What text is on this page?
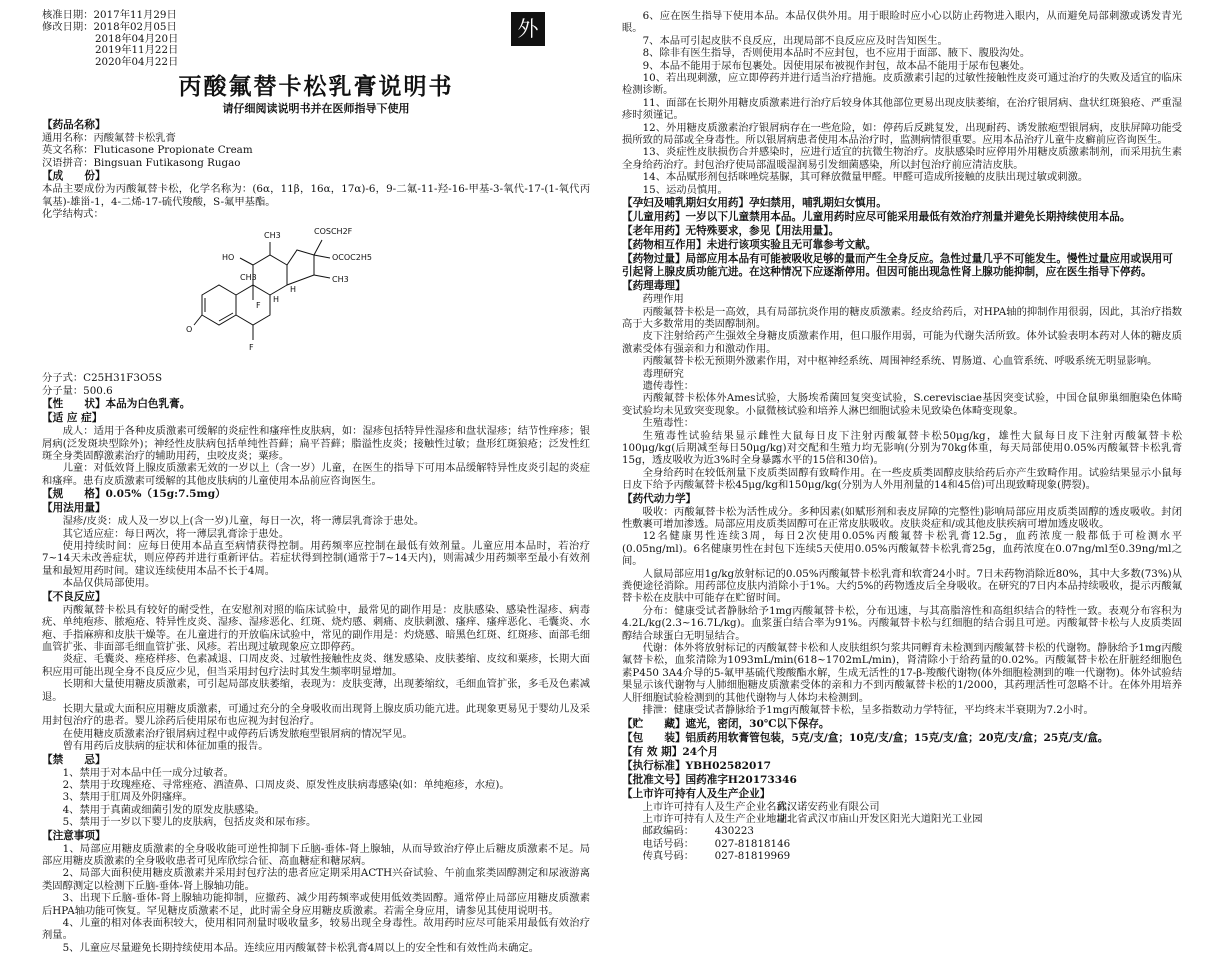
外
核准日期：2017年11月29日
修改日期：2018年02月05日
2018年04月20日
2019年11月22日
2020年04月22日
丙酸氟替卡松乳膏说明书
请仔细阅读说明书并在医师指导下使用
【药品名称】
通用名称：丙酸氟替卡松乳膏
英文名称：Fluticasone Propionate Cream
汉语拼音：Bingsuan Futikasong Rugao
【成　　份】
本品主要成份为丙酸氟替卡松，化学名称为：(6α，11β，16α，17α)-6，9-二氟-11-羟-16-甲基-3-氧代-17-(1-氧代丙氧基)-雄甾-1，4-二烯-17-硫代羧酸，S-氟甲基酯。
化学结构式：
COSCH2F
OCOC2H5
HO
CH3
CH3
O
F
F
H
H
CH3
分子式：C25H31F3O5S
分子量：500.6
【性　　状】本品为白色乳膏。
【适 应 症】
成人：适用于各种皮质激素可缓解的炎症性和瘙痒性皮肤病，如：湿疹包括特异性湿疹和盘状湿疹；结节性痒疹；银屑病(泛发斑块型除外)；神经性皮肤病包括单纯性苔藓；扁平苔藓；脂溢性皮炎；接触性过敏；盘形红斑狼疮；泛发性红斑全身类固醇激素治疗的辅助用药，虫咬皮炎；粟疹。
儿童：对低效肾上腺皮质激素无效的一岁以上（含一岁）儿童，在医生的指导下可用本品缓解特异性皮炎引起的炎症和瘙痒。患有皮质激素可缓解的其他皮肤病的儿童使用本品前应咨询医生。
【规　　格】0.05%（15g:7.5mg）
【用法用量】
湿疹/皮炎：成人及一岁以上(含一岁)儿童，每日一次，将一薄层乳膏涂于患处。
其它适应症：每日两次，将一薄层乳膏涂于患处。
使用持续时间：应每日使用本品直至病情获得控制。用药频率应控制在最低有效剂量。儿童应用本品时，若治疗7~14天未改善症状，则应停药并进行重新评估。若症状得到控制(通常于7~14天内)，则需减少用药频率至最小有效剂量和最短用药时间。建议连续使用本品不长于4周。
本品仅供局部使用。
【不良反应】
丙酸氟替卡松具有较好的耐受性，在安慰剂对照的临床试验中，最常见的副作用是：皮肤感染、感染性湿疹、病毒疣、单纯疱疹、脓疱疮、特异性皮炎、湿疹、湿疹恶化、红斑、烧灼感、刺痛、皮肤刺激、瘙痒、瘙痒恶化、毛囊炎、水疱、手指麻痹和皮肤干燥等。在儿童进行的开放临床试验中，常见的副作用是：灼烧感、暗黑色红斑、红斑疹、面部毛细血管扩张、非面部毛细血管扩张、风疹。若出现过敏现象应立即停药。
炎症、毛囊炎、痤疮样疹、色素减退、口周皮炎、过敏性接触性皮炎、继发感染、皮肤萎缩、皮纹和粟疹，长期大面积应用可能出现全身不良反应少见，但当采用封包疗法时其发生频率明显增加。
长期和大量使用糖皮质激素，可引起局部皮肤萎缩，表现为：皮肤变薄，出现萎缩纹，毛细血管扩张，多毛及色素减退。
长期大量或大面积应用糖皮质激素，可通过充分的全身吸收而出现肾上腺皮质功能亢进。此现象更易见于婴幼儿及采用封包治疗的患者。婴儿涂药后使用尿布也应视为封包治疗。
在使用糖皮质激素治疗银屑病过程中或停药后诱发脓疱型银屑病的情况罕见。
曾有用药后皮肤病的症状和体征加重的报告。
【禁　　忌】
1、禁用于对本品中任一成分过敏者。
2、禁用于玫瑰痤疮、寻常痤疮、酒渣鼻、口周皮炎、原发性皮肤病毒感染(如：单纯疱疹，水痘)。
3、禁用于肛周及外阴瘙痒。
4、禁用于真菌或细菌引发的原发皮肤感染。
5、禁用于一岁以下婴儿的皮肤病，包括皮炎和尿布疹。
【注意事项】
1、局部应用糖皮质激素的全身吸收能可逆性抑制下丘脑-垂体-肾上腺轴，从而导致治疗停止后糖皮质激素不足。局部应用糖皮质激素的全身吸收患者可见库欣综合征、高血糖症和糖尿病。
2、局部大面积使用糖皮质激素并采用封包疗法的患者应定期采用ACTH兴奋试验、午前血浆类固醇测定和尿液游离类固醇测定以检测下丘脑-垂体-肾上腺轴功能。
3、出现下丘脑-垂体-肾上腺轴功能抑制，应撤药、减少用药频率或使用低效类固醇。通常停止局部应用糖皮质激素后HPA轴功能可恢复。罕见糖皮质激素不足，此时需全身应用糖皮质激素。若需全身应用，请参见其使用说明书。
4、儿童的相对体表面积较大，使用相同剂量时吸收量多，较易出现全身毒性。故用药时应尽可能采用最低有效治疗剂量。
5、儿童应尽量避免长期持续使用本品。连续应用丙酸氟替卡松乳膏4周以上的安全性和有效性尚未确定。
6、应在医生指导下使用本品。本品仅供外用。用于眼睑时应小心以防止药物进入眼内，从而避免局部刺激或诱发青光眼。
7、本品可引起皮肤不良反应，出现局部不良反应应及时告知医生。
8、除非有医生指导，否则使用本品时不应封包，也不应用于面部、腋下、腹股沟处。
9、本品不能用于尿布包裹处。因使用尿布被视作封包，故本品不能用于尿布包裹处。
10、若出现刺激，应立即停药并进行适当治疗措施。皮质激素引起的过敏性接触性皮炎可通过治疗的失败及适宜的临床检测诊断。
11、面部在长期外用糖皮质激素进行治疗后较身体其他部位更易出现皮肤萎缩，在治疗银屑病、盘状红斑狼疮、严重湿疹时须谨记。
12、外用糖皮质激素治疗银屑病存在一些危险，如：停药后反跳复发，出现耐药、诱发脓疱型银屑病，皮肤屏障功能受损所致的局部或全身毒性。所以银屑病患者使用本品治疗时，监测病情很重要。应用本品治疗儿童牛皮癣前应咨询医生。
13、炎症性皮肤损伤合并感染时，应进行适宜的抗微生物治疗。皮肤感染时应停用外用糖皮质激素制剂，而采用抗生素全身给药治疗。封包治疗使局部温暖湿润易引发细菌感染，所以封包治疗前应清洁皮肤。
14、本品赋形剂包括咪唑烷基脲，其可释放微量甲醛。甲醛可造成所接触的皮肤出现过敏或刺激。
15、运动员慎用。
【孕妇及哺乳期妇女用药】孕妇禁用，哺乳期妇女慎用。
【儿童用药】一岁以下儿童禁用本品。儿童用药时应尽可能采用最低有效治疗剂量并避免长期持续使用本品。
【老年用药】无特殊要求，参见【用法用量】。
【药物相互作用】未进行该项实验且无可靠参考文献。
【药物过量】局部应用本品有可能被吸收足够的量而产生全身反应。急性过量几乎不可能发生。慢性过量应用或误用可引起肾上腺皮质功能亢进。在这种情况下应逐渐停用。但因可能出现急性肾上腺功能抑制，应在医生指导下停药。
【药理毒理】
药理作用
丙酸氟替卡松是一高效，具有局部抗炎作用的糖皮质激素。经皮给药后，对HPA轴的抑制作用很弱，因此，其治疗指数高于大多数常用的类固醇制剂。
皮下注射给药产生强效全身糖皮质激素作用，但口服作用弱，可能为代谢失活所致。体外试验表明本药对人体的糖皮质激素受体有强亲和力和激动作用。
丙酸氟替卡松无预期外激素作用，对中枢神经系统、周围神经系统、胃肠道、心血管系统、呼吸系统无明显影响。
毒理研究
遗传毒性：
丙酸氟替卡松体外Ames试验，大肠埃希菌回复突变试验，S.cerevisciae基因突变试验，中国仓鼠卵巢细胞染色体畸变试验均未见致突变现象。小鼠微核试验和培养人淋巴细胞试验未见致染色体畸变现象。
生殖毒性：
生殖毒性试验结果显示雌性大鼠每日皮下注射丙酸氟替卡松50μg/kg，雄性大鼠每日皮下注射丙酸氟替卡松100μg/kg(后期减至每日50μg/kg)对交配和生殖力均无影响(分别为70kg体重，每天局部使用0.05%丙酸氟替卡松乳膏15g，透皮吸收为近3%时全身暴露水平的15倍和30倍)。
全身给药时在较低剂量下皮质类固醇有致畸作用。在一些皮质类固醇皮肤给药后亦产生致畸作用。试验结果显示小鼠每日皮下给予丙酸氟替卡松45μg/kg和150μg/kg(分别为人外用剂量的14和45倍)可出现致畸现象(腭裂)。
【药代动力学】
吸收：丙酸氟替卡松为活性成分。多种因素(如赋形剂和表皮屏障的完整性)影响局部应用皮质类固醇的透皮吸收。封闭性敷裹可增加渗透。局部应用皮质类固醇可在正常皮肤吸收。皮肤炎症和/或其他皮肤疾病可增加透皮吸收。
12名健康男性连续3周，每日2次使用0.05%丙酸氟替卡松乳膏12.5g，血药浓度一般都低于可检测水平(0.05ng/ml)。6名健康男性在封包下连续5天使用0.05%丙酸氟替卡松乳膏25g，血药浓度在0.07ng/ml至0.39ng/ml之间。
人鼠局部应用1g/kg放射标记的0.05%丙酸氟替卡松乳膏和软膏24小时。7日未药物消除近80%，其中大多数(73%)从粪便途径消除。用药部位皮肤内消除小于1%。大约5%的药物透皮后全身吸收。在研究的7日内本品持续吸收，提示丙酸氟替卡松在皮肤中可能存在贮留时间。
分布：健康受试者静脉给予1mg丙酸氟替卡松，分布迅速，与其高脂溶性和高组织结合的特性一致。表观分布容积为4.2L/kg(2.3~16.7L/kg)。血浆蛋白结合率为91%。丙酸氟替卡松与红细胞的结合弱且可逆。丙酸氟替卡松与人皮质类固醇结合球蛋白无明显结合。
代谢：体外将放射标记的丙酸氟替卡松和人皮肤组织匀浆共同孵育未检测到丙酸氟替卡松的代谢物。静脉给予1mg丙酸氟替卡松，血浆清除为1093mL/min(618~1702mL/min)，肾清除小于给药量的0.02%。丙酸氟替卡松在肝脏经细胞色素P450 3A4介导的5-氟甲基硫代羧酸酯水解，生成无活性的17-β-羧酸代谢物(体外细胞检测到的唯一代谢物)。体外试验结果显示该代谢物与人肺细胞糖皮质激素受体的亲和力不到丙酸氟替卡松的1/2000，其药理活性可忽略不计。在体外用培养人肝细胞试验检测到的其他代谢物与人体均未检测到。
排泄：健康受试者静脉给予1mg丙酸氟替卡松，呈多指数动力学特征，平均终末半衰期为7.2小时。
【贮　　藏】遮光，密闭，30℃以下保存。
【包　　装】铝质药用软膏管包装，5克/支/盒；10克/支/盒；15克/支/盒；20克/支/盒；25克/支/盒。
【有 效 期】24个月
【执行标准】YBH02582017
【批准文号】国药准字H20173346
【上市许可持有人及生产企业】
上市许可持有人及生产企业名称：
武汉诺安药业有限公司
上市许可持有人及生产企业地址：
湖北省武汉市庙山开发区阳光大道阳光工业园
邮政编码：	430223
电话号码：	027-81818146
传真号码：	027-81819969
